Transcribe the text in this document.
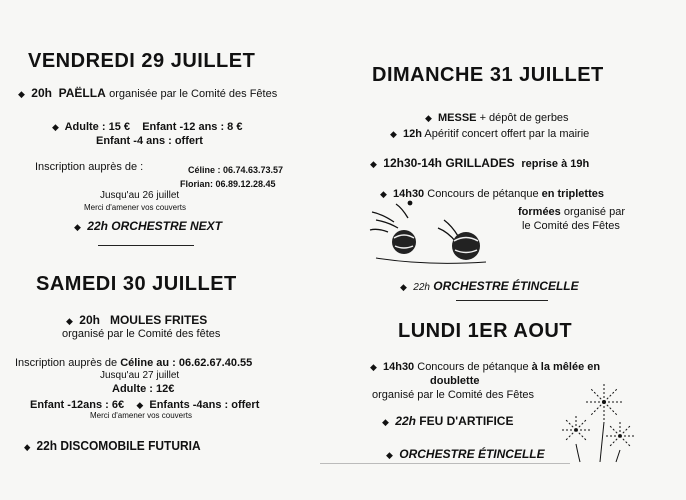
VENDREDI 29 JUILLET
◆ 20h PAËLLA organisée par le Comité des Fêtes
◆ Adulte : 15 € Enfant -12 ans : 8 €
Enfant -4 ans : offert
Inscription auprès de :	Céline : 06.74.63.73.57
Florian: 06.89.12.28.45
Jusqu'au 26 juillet
Merci d'amener vos couverts
◆ 22h ORCHESTRE NEXT
SAMEDI 30 JUILLET
◆ 20h MOULES FRITES
organisé par le Comité des fêtes
Inscription auprès de Céline au : 06.62.67.40.55
Jusqu'au 27 juillet
Adulte : 12€
Enfant -12ans : 6€ ◆ Enfants -4ans : offert
Merci d'amener vos couverts
◆ 22h DISCOMOBILE FUTURIA
DIMANCHE 31 JUILLET
◆ MESSE + dépôt de gerbes
◆ 12h Apéritif concert offert par la mairie
◆ 12h30-14h GRILLADES reprise à 19h
◆ 14h30 Concours de pétanque en triplettes
formées organisé par
le Comité des Fêtes
◆ 22h ORCHESTRE ÉTINCELLE
LUNDI 1ER AOUT
◆ 14h30 Concours de pétanque à la mêlée en
doublette
organisé par le Comité des Fêtes
◆ 22h FEU D'ARTIFICE
◆ ORCHESTRE ÉTINCELLE
